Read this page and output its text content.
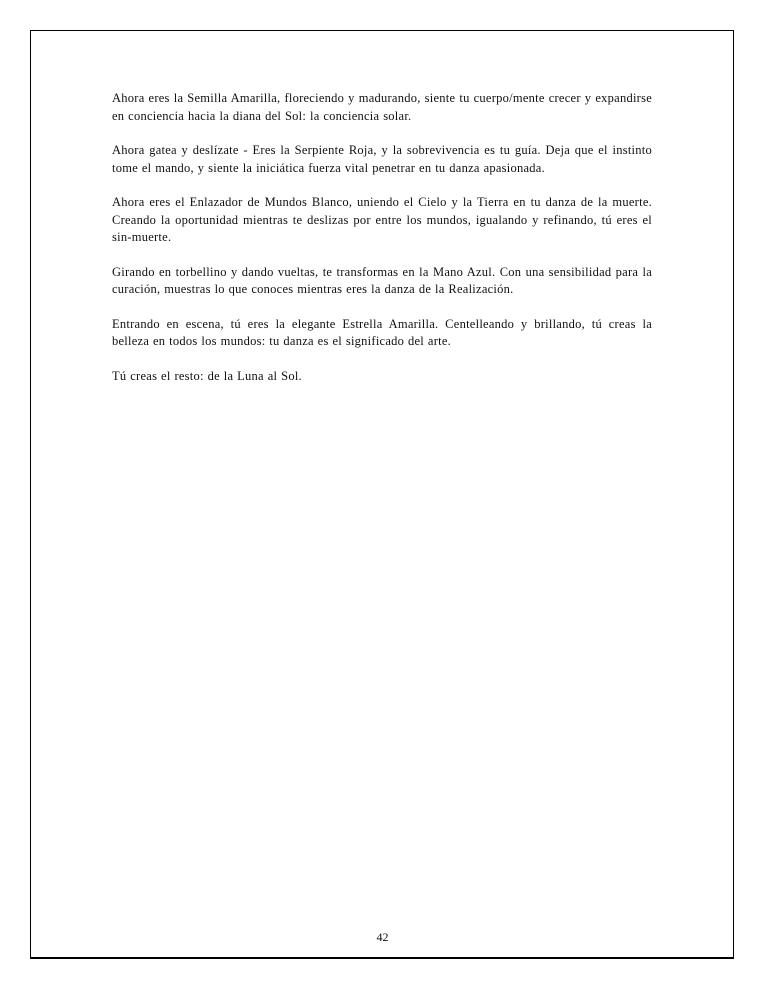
Ahora eres la Semilla Amarilla, floreciendo y madurando, siente tu cuerpo/mente crecer y expandirse en conciencia hacia la diana del Sol: la conciencia solar.

Ahora gatea y deslízate - Eres la Serpiente Roja, y la sobrevivencia es tu guía. Deja que el instinto tome el mando, y siente la iniciática fuerza vital penetrar en tu danza apasionada.

Ahora eres el Enlazador de Mundos Blanco, uniendo el Cielo y la Tierra en tu danza de la muerte. Creando la oportunidad mientras te deslizas por entre los mundos, igualando y refinando, tú eres el sin-muerte.

Girando en torbellino y dando vueltas, te transformas en la Mano Azul. Con una sensibilidad para la curación, muestras lo que conoces mientras eres la danza de la Realización.

Entrando en escena, tú eres la elegante Estrella Amarilla. Centelleando y brillando, tú creas la belleza en todos los mundos: tu danza es el significado del arte.

Tú creas el resto: de la Luna al Sol.

42
